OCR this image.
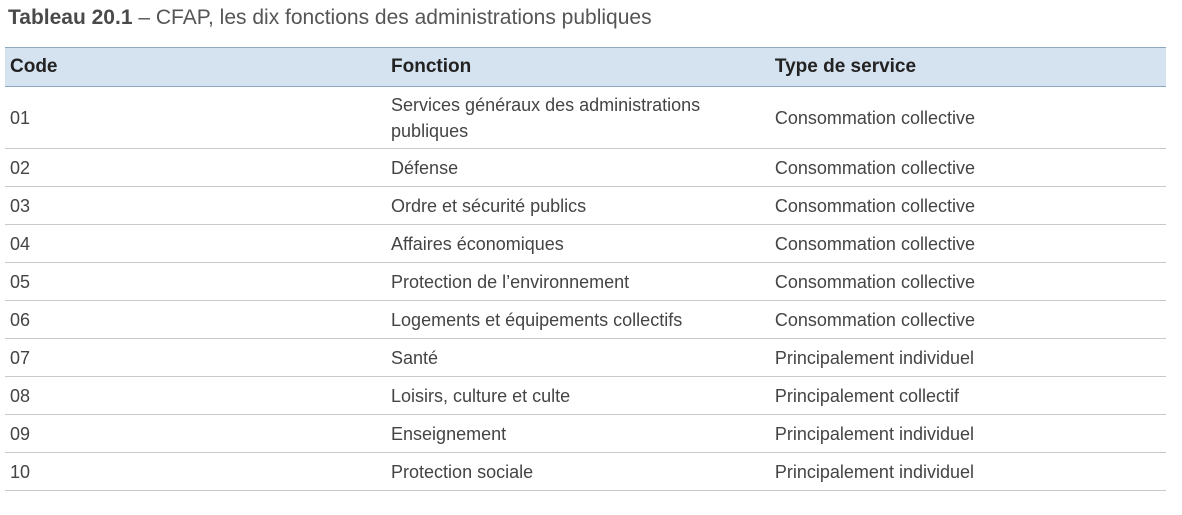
Tableau 20.1 – CFAP, les dix fonctions des administrations publiques
Code	Fonction	Type de service
01	Services généraux des administrations publiques	Consommation collective
02	Défense	Consommation collective
03	Ordre et sécurité publics	Consommation collective
04	Affaires économiques	Consommation collective
05	Protection de l’environnement	Consommation collective
06	Logements et équipements collectifs	Consommation collective
07	Santé	Principalement individuel
08	Loisirs, culture et culte	Principalement collectif
09	Enseignement	Principalement individuel
10	Protection sociale	Principalement individuel
